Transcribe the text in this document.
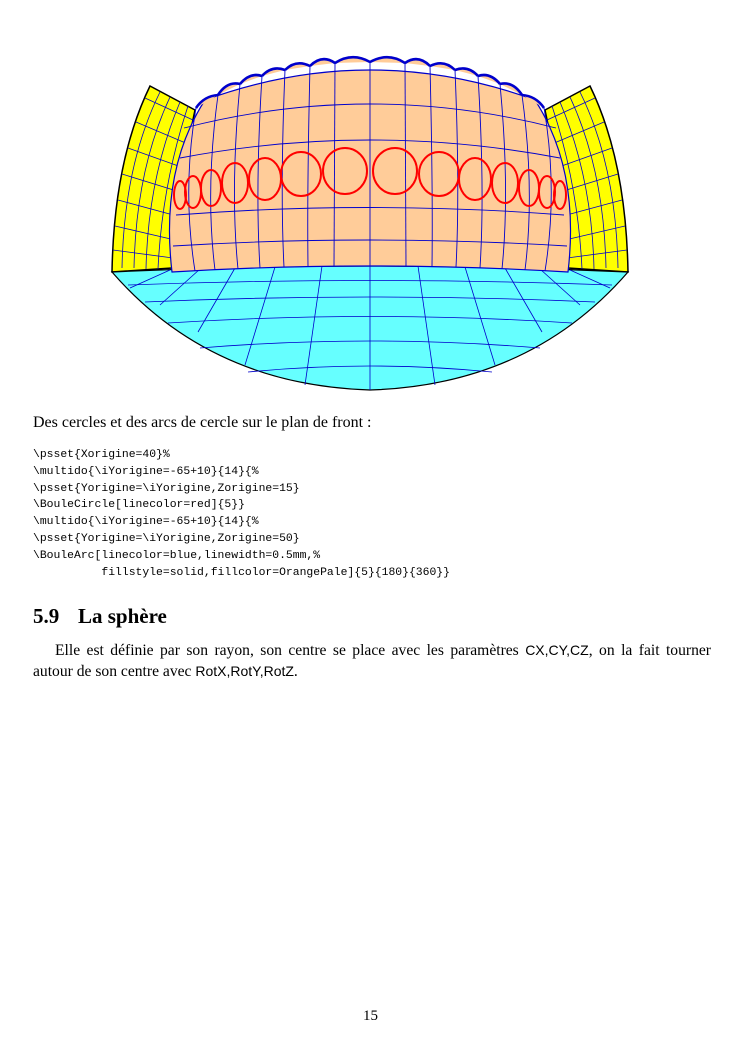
Des cercles et des arcs de cercle sur le plan de front :

\psset{Xorigine=40}%
\multido{\iYorigine=-65+10}{14}{%
\psset{Yorigine=\iYorigine,Zorigine=15}
\BouleCircle[linecolor=red]{5}}
\multido{\iYorigine=-65+10}{14}{%
\psset{Yorigine=\iYorigine,Zorigine=50}
\BouleArc[linecolor=blue,linewidth=0.5mm,%
fillstyle=solid,fillcolor=OrangePale]{5}{180}{360}}
5.9 La sphère

Elle est définie par son rayon, son centre se place avec les paramètres CX,CY,CZ, on la fait tourner autour de son centre avec RotX,RotY,RotZ.

15
